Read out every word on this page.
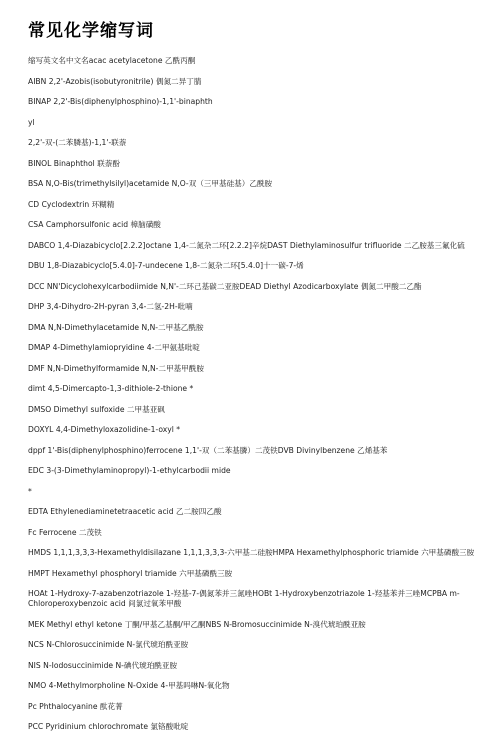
常见化学缩写词
缩写英文名中文名acac acetylacetone 乙酰丙酮
AIBN 2,2'-Azobis(isobutyronitrile) 偶氮二异丁腈
BINAP 2,2'-Bis(diphenylphosphino)-1,1'-binaphth
yl
2,2'-双-(二苯膦基)-1,1'-联萘
BINOL Binaphthol 联萘酚
BSA N,O-Bis(trimethylsilyl)acetamide N,O-双（三甲基硅基）乙酰胺
CD Cyclodextrin 环糊精
CSA Camphorsulfonic acid 樟脑磺酸
DABCO 1,4-Diazabicyclo[2.2.2]octane 1,4-二氮杂二环[2.2.2]辛烷DAST Diethylaminosulfur trifluoride 二乙胺基三氟化硫
DBU 1,8-Diazabicyclo[5.4.0]-7-undecene 1,8-二氮杂二环[5.4.0]十一碳-7-烯
DCC NN'Dicyclohexylcarbodiimide N,N'-二环己基碳二亚胺DEAD Diethyl Azodicarboxylate 偶氮二甲酸二乙酯
DHP 3,4-Dihydro-2H-pyran 3,4-二氢-2H-吡喃
DMA N,N-Dimethylacetamide N,N-二甲基乙酰胺
DMAP 4-Dimethylamiopryidine 4-二甲氨基吡啶
DMF N,N-Dimethylformamide N,N-二甲基甲酰胺
dimt 4,5-Dimercapto-1,3-dithiole-2-thione *
DMSO Dimethyl sulfoxide 二甲基亚砜
DOXYL 4,4-Dimethyloxazolidine-1-oxyl *
dppf 1'-Bis(diphenylphosphino)ferrocene 1,1'-双（二苯基膦）二茂铁DVB Divinylbenzene 乙烯基苯
EDC 3-(3-Dimethylaminopropyl)-1-ethylcarbodii mide
*
EDTA Ethylenediaminetetraacetic acid 乙二胺四乙酸
Fc Ferrocene 二茂铁
HMDS 1,1,1,3,3,3-Hexamethyldisilazane 1,1,1,3,3,3-六甲基二硅胺HMPA Hexamethylphosphoric triamide 六甲基磷酸三胺
HMPT Hexamethyl phosphoryl triamide 六甲基磷酰三胺
HOAt 1-Hydroxy-7-azabenzotriazole 1-羟基-7-偶氮苯并三氮唑HOBt 1-Hydroxybenzotriazole 1-羟基苯并三唑MCPBA m-Chloroperoxybenzoic acid 间氯过氧苯甲酸
MEK Methyl ethyl ketone 丁酮/甲基乙基酮/甲乙酮NBS N-Bromosuccinimide N-溴代琥珀酰亚胺
NCS N-Chlorosuccinimide N-氯代琥珀酰亚胺
NIS N-Iodosuccinimide N-碘代琥珀酰亚胺
NMO 4-Methylmorpholine N-Oxide 4-甲基吗啉N-氧化物
Pc Phthalocyanine 酞花菁
PCC Pyridinium chlorochromate 氯铬酸吡啶
